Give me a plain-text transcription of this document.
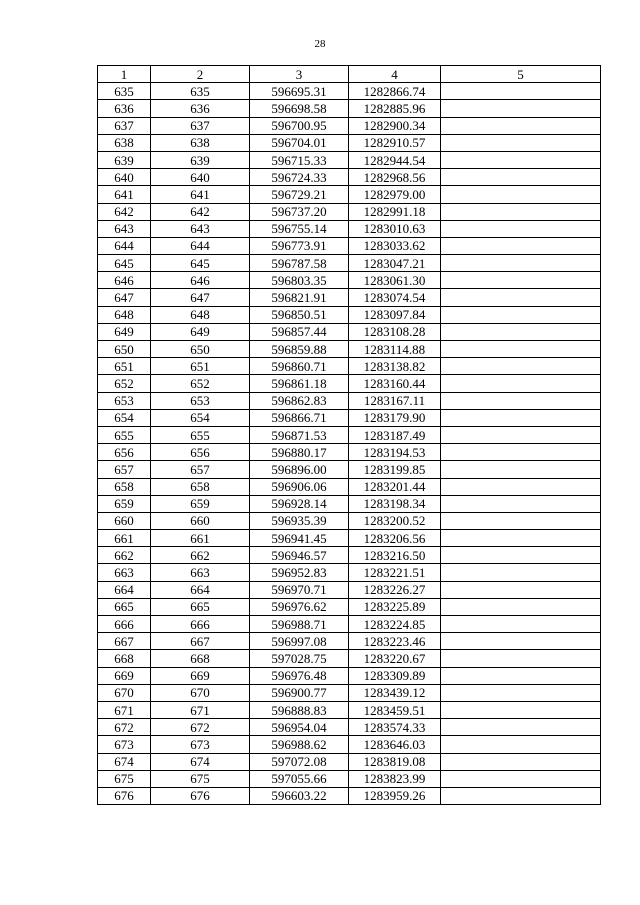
28
1	2	3	4	5
635	635	596695.31	1282866.74	
636	636	596698.58	1282885.96	
637	637	596700.95	1282900.34	
638	638	596704.01	1282910.57	
639	639	596715.33	1282944.54	
640	640	596724.33	1282968.56	
641	641	596729.21	1282979.00	
642	642	596737.20	1282991.18	
643	643	596755.14	1283010.63	
644	644	596773.91	1283033.62	
645	645	596787.58	1283047.21	
646	646	596803.35	1283061.30	
647	647	596821.91	1283074.54	
648	648	596850.51	1283097.84	
649	649	596857.44	1283108.28	
650	650	596859.88	1283114.88	
651	651	596860.71	1283138.82	
652	652	596861.18	1283160.44	
653	653	596862.83	1283167.11	
654	654	596866.71	1283179.90	
655	655	596871.53	1283187.49	
656	656	596880.17	1283194.53	
657	657	596896.00	1283199.85	
658	658	596906.06	1283201.44	
659	659	596928.14	1283198.34	
660	660	596935.39	1283200.52	
661	661	596941.45	1283206.56	
662	662	596946.57	1283216.50	
663	663	596952.83	1283221.51	
664	664	596970.71	1283226.27	
665	665	596976.62	1283225.89	
666	666	596988.71	1283224.85	
667	667	596997.08	1283223.46	
668	668	597028.75	1283220.67	
669	669	596976.48	1283309.89	
670	670	596900.77	1283439.12	
671	671	596888.83	1283459.51	
672	672	596954.04	1283574.33	
673	673	596988.62	1283646.03	
674	674	597072.08	1283819.08	
675	675	597055.66	1283823.99	
676	676	596603.22	1283959.26	
